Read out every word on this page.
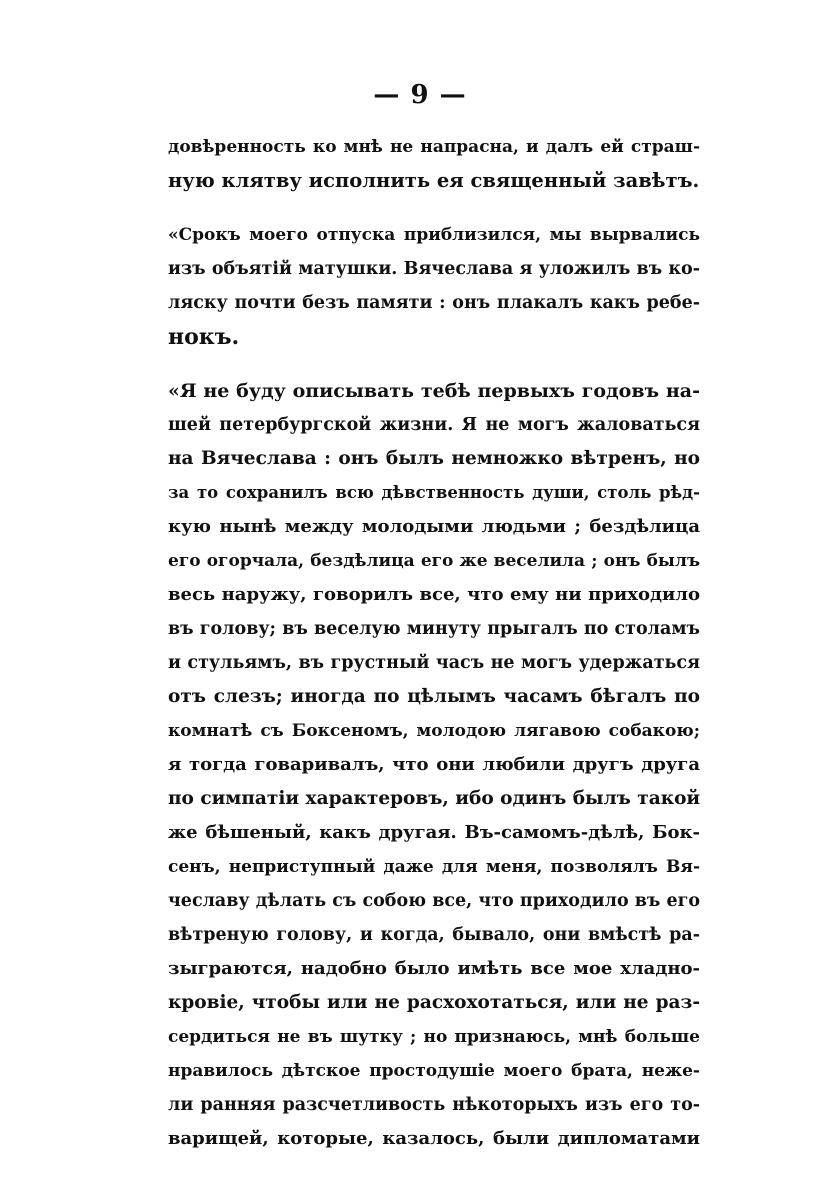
— 9 —
довѣренность ко мнѣ не напрасна, и далъ ей страш-
ную клятву исполнить ея священный завѣтъ.
«Срокъ моего отпуска приблизился, мы вырвались
изъ объятій матушки. Вячеслава я уложилъ въ ко-
ляску почти безъ памяти : онъ плакалъ какъ ребе-
нокъ.
«Я не буду описывать тебѣ первыхъ годовъ на-
шей петербургской жизни. Я не могъ жаловаться
на Вячеслава : онъ былъ немножко вѣтренъ, но
за то сохранилъ всю дѣвственность души, столь рѣд-
кую нынѣ между молодыми людьми ; бездѣлица
его огорчала, бездѣлица его же веселила ; онъ былъ
весь наружу, говорилъ все, что ему ни приходило
въ голову; въ веселую минуту прыгалъ по столамъ
и стульямъ, въ грустный часъ не могъ удержаться
отъ слезъ; иногда по цѣлымъ часамъ бѣгалъ по
комнатѣ съ Боксеномъ, молодою лягавою собакою;
я тогда говаривалъ, что они любили другъ друга
по симпатіи характеровъ, ибо одинъ былъ такой
же бѣшеный, какъ другая. Въ-самомъ-дѣлѣ, Бок-
сенъ, неприступный даже для меня, позволялъ Вя-
чеславу дѣлать съ собою все, что приходило въ его
вѣтреную голову, и когда, бывало, они вмѣстѣ ра-
зыграются, надобно было имѣть все мое хладно-
кровіе, чтобы или не расхохотаться, или не раз-
сердиться не въ шутку ; но признаюсь, мнѣ больше
нравилось дѣтское простодушіе моего брата, неже-
ли ранняя разсчетливость нѣкоторыхъ изъ его то-
варищей, которые, казалось, были дипломатами
